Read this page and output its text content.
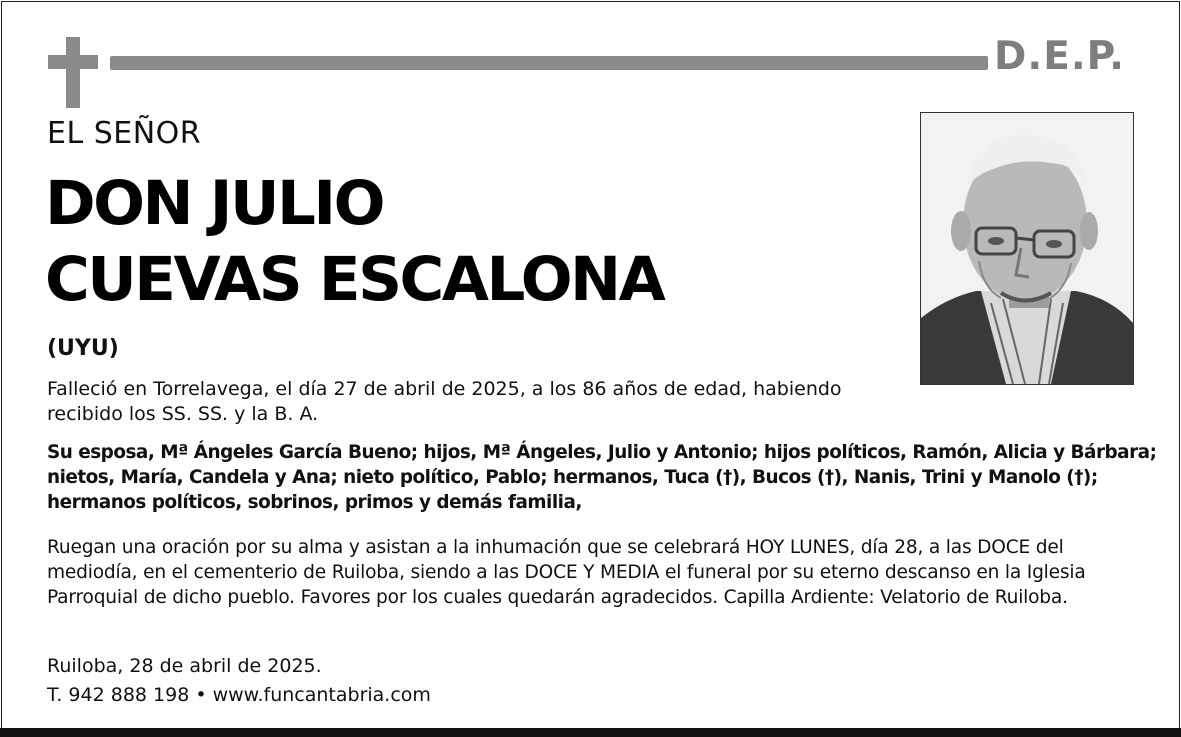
D.E.P.
EL SEÑOR
DON JULIO
CUEVAS ESCALONA
(UYU)
Falleció en Torrelavega, el día 27 de abril de 2025, a los 86 años de edad, habiendo recibido los SS. SS. y la B. A.
Su esposa, Mª Ángeles García Bueno; hijos, Mª Ángeles, Julio y Antonio; hijos políticos, Ramón, Alicia y Bárbara; nietos, María, Candela y Ana; nieto político, Pablo; hermanos, Tuca (†), Bucos (†), Nanis, Trini y Manolo (†); hermanos políticos, sobrinos, primos y demás familia,
Ruegan una oración por su alma y asistan a la inhumación que se celebrará HOY LUNES, día 28, a las DOCE del mediodía, en el cementerio de Ruiloba, siendo a las DOCE Y MEDIA el funeral por su eterno descanso en la Iglesia Parroquial de dicho pueblo. Favores por los cuales quedarán agradecidos. Capilla Ardiente: Velatorio de Ruiloba.
Ruiloba, 28 de abril de 2025.
T. 942 888 198 • www.funcantabria.com
